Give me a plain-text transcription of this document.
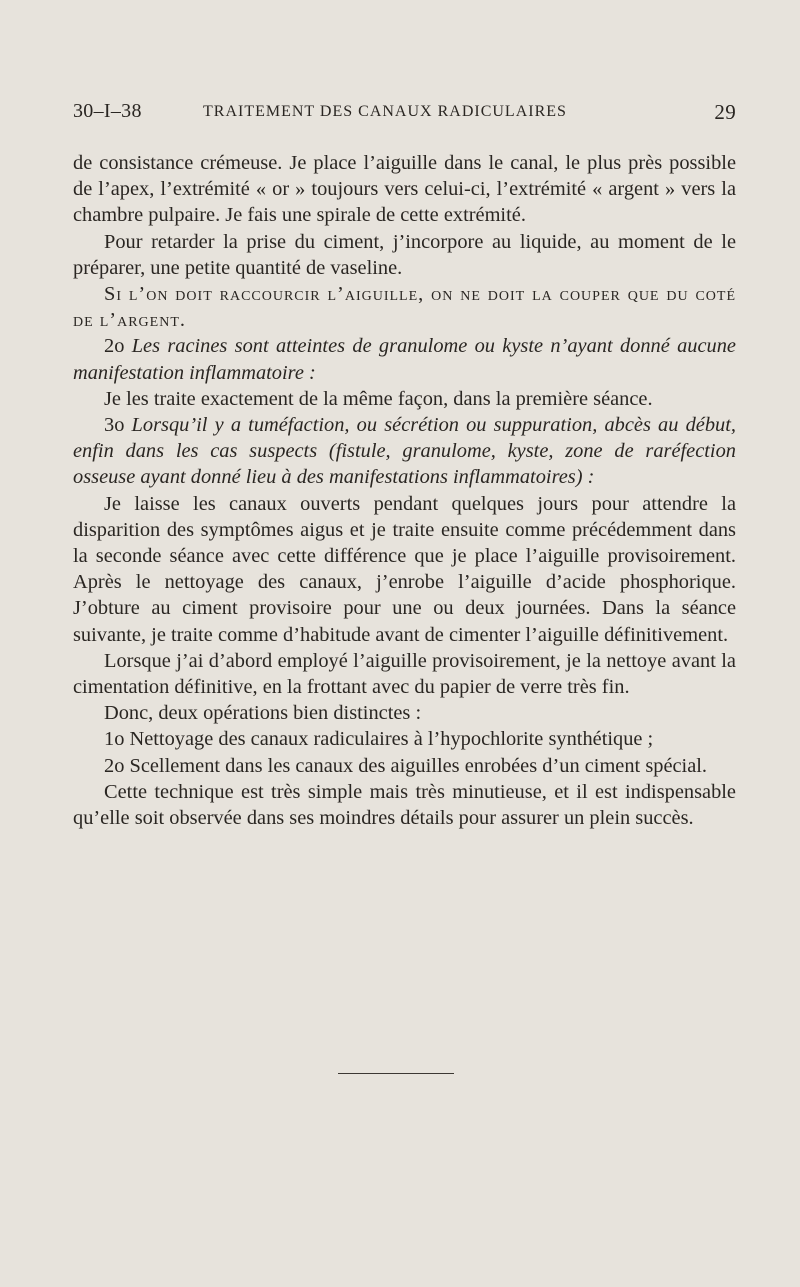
30–I–38	TRAITEMENT DES CANAUX RADICULAIRES	29

de consistance crémeuse. Je place l’aiguille dans le canal, le plus près possible de l’apex, l’extrémité « or » toujours vers celui-ci, l’extrémité « argent » vers la chambre pulpaire. Je fais une spirale de cette extrémité.

Pour retarder la prise du ciment, j’incorpore au liquide, au moment de le préparer, une petite quantité de vaseline.

Si l’on doit raccourcir l’aiguille, on ne doit la couper que du coté de l’argent.

2o Les racines sont atteintes de granulome ou kyste n’ayant donné aucune manifestation inflammatoire :

Je les traite exactement de la même façon, dans la première séance.

3o Lorsqu’il y a tuméfaction, ou sécrétion ou suppuration, abcès au début, enfin dans les cas suspects (fistule, granulome, kyste, zone de raréfection osseuse ayant donné lieu à des manifestations inflammatoires) :

Je laisse les canaux ouverts pendant quelques jours pour attendre la disparition des symptômes aigus et je traite ensuite comme précédemment dans la seconde séance avec cette différence que je place l’aiguille provisoirement. Après le nettoyage des canaux, j’enrobe l’aiguille d’acide phosphorique. J’obture au ciment provisoire pour une ou deux journées. Dans la séance suivante, je traite comme d’habitude avant de cimenter l’aiguille définitivement.

Lorsque j’ai d’abord employé l’aiguille provisoirement, je la nettoye avant la cimentation définitive, en la frottant avec du papier de verre très fin.

Donc, deux opérations bien distinctes :

1o Nettoyage des canaux radiculaires à l’hypochlorite synthétique ;

2o Scellement dans les canaux des aiguilles enrobées d’un ciment spécial.

Cette technique est très simple mais très minutieuse, et il est indispensable qu’elle soit observée dans ses moindres détails pour assurer un plein succès.
